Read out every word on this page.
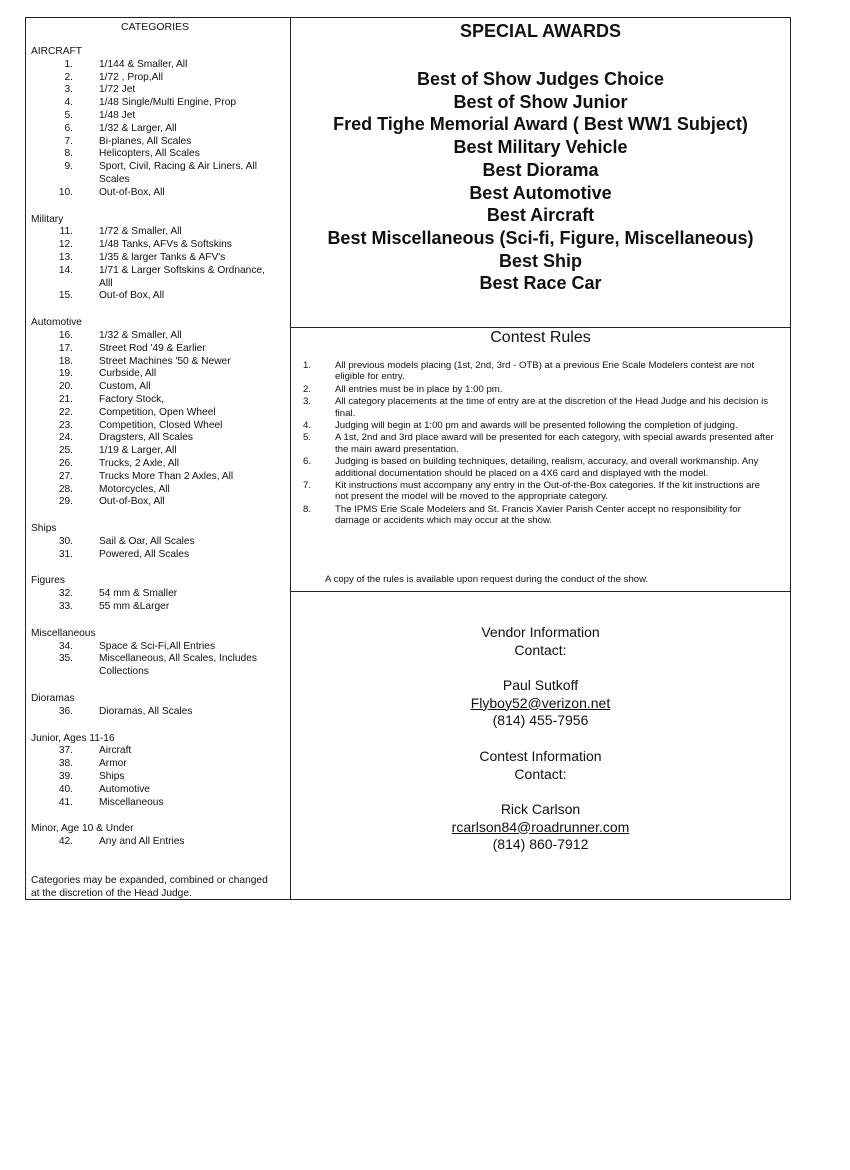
CATEGORIES
AIRCRAFT
1.	1/144 & Smaller, All
2.	1/72 , Prop,All
3.	1/72 Jet
4.	1/48 Single/Multi Engine, Prop
5.	1/48 Jet
6.	1/32 & Larger, All
7.	Bi-planes, All Scales
8.	Helicopters, All Scales
9.	Sport, Civil, Racing & Air Liners, All Scales
10.	Out-of-Box, All
Military
11.	1/72 & Smaller, All
12.	1/48 Tanks, AFVs & Softskins
13.	1/35 & larger Tanks & AFV's
14.	1/71 & Larger Softskins & Ordnance, Alll
15.	Out-of Box, All
Automotive
16.	1/32 & Smaller, All
17.	Street Rod '49 & Earlier
18.	Street Machines '50 & Newer
19.	Curbside, All
20.	Custom, All
21.	Factory Stock,
22.	Competition, Open Wheel
23.	Competition, Closed Wheel
24.	Dragsters, All Scales
25.	1/19 & Larger, All
26.	Trucks, 2 Axle, All
27.	Trucks More Than 2 Axles, All
28.	Motorcycles, All
29.	Out-of-Box, All
Ships
30.	Sail & Oar, All Scales
31.	Powered, All Scales
Figures
32.	54 mm & Smaller
33.	55 mm &Larger
Miscellaneous
34.	Space & Sci-Fi,All Entries
35.	Miscellaneous, All Scales, Includes Collections
Dioramas
36.	Dioramas, All Scales
Junior, Ages 11-16
37.	Aircraft
38.	Armor
39.	Ships
40.	Automotive
41.	Miscellaneous
Minor, Age 10 & Under
42.	Any and All Entries
Categories may be expanded, combined or changed at the discretion of the Head Judge.
SPECIAL AWARDS
Best of Show Judges Choice
Best of Show Junior
Fred Tighe Memorial Award ( Best WW1 Subject)
Best Military Vehicle
Best Diorama
Best Automotive
Best Aircraft
Best Miscellaneous (Sci-fi, Figure, Miscellaneous)
Best Ship
Best Race Car
Contest Rules
1.	All previous models placing (1st, 2nd, 3rd - OTB) at a previous Erie Scale Modelers contest are not eligible for entry.
2.	All entries must be in place by 1:00 pm.
3.	All category placements at the time of entry are at the discretion of the Head Judge and his decision is final.
4.	Judging will begin at 1:00 pm and awards will be presented following the completion of judging.
5.	A 1st, 2nd and 3rd place award will be presented for each category, with special awards presented after the main award presentation.
6.	Judging is based on building techniques, detailing, realism, accuracy, and overall workmanship. Any additional documentation should be placed on a 4X6 card and displayed with the model.
7.	Kit instructions must accompany any entry in the Out-of-the-Box categories. If the kit instructions are not present the model will be moved to the appropriate category.
8.	The IPMS Erie Scale Modelers and St. Francis Xavier Parish Center accept no responsibility for damage or accidents which may occur at the show.
A copy of the rules is available upon request during the conduct of the show.
Vendor Information
Contact:
Paul Sutkoff
Flyboy52@verizon.net
(814) 455-7956
Contest Information
Contact:
Rick Carlson
rcarlson84@roadrunner.com
(814) 860-7912
